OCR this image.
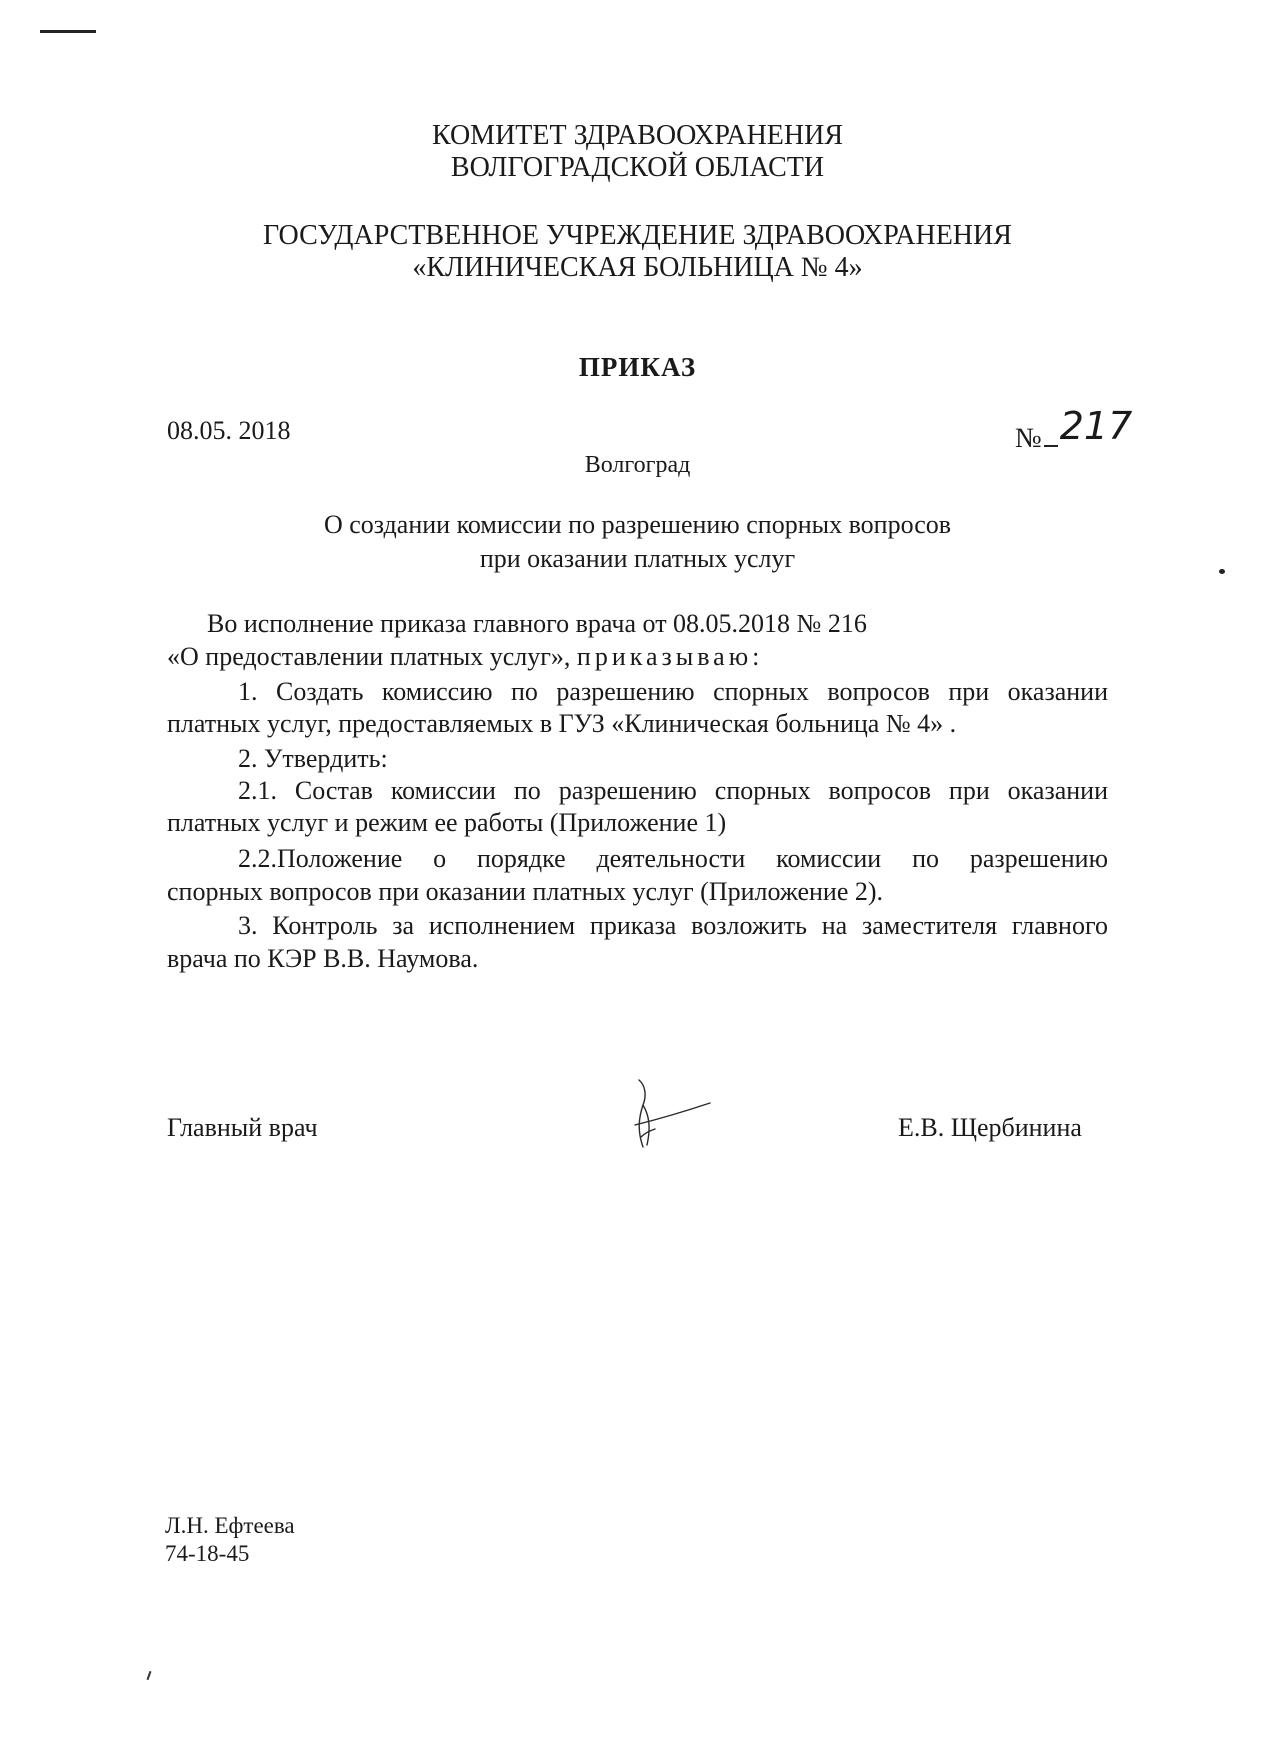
КОМИТЕТ ЗДРАВООХРАНЕНИЯ
ВОЛГОГРАДСКОЙ ОБЛАСТИ
ГОСУДАРСТВЕННОЕ УЧРЕЖДЕНИЕ ЗДРАВООХРАНЕНИЯ
«КЛИНИЧЕСКАЯ БОЛЬНИЦА № 4»
ПРИКАЗ
08.05. 2018	№ 217
Волгоград
О создании комиссии по разрешению спорных вопросов
при оказании платных услуг
Во исполнение приказа главного врача от 08.05.2018 № 216
«О предоставлении платных услуг», приказываю:
1. Создать комиссию по разрешению спорных вопросов при оказании
платных услуг, предоставляемых в ГУЗ «Клиническая больница № 4» .
2. Утвердить:
2.1. Состав комиссии по разрешению спорных вопросов при оказании
платных услуг и режим ее работы (Приложение 1)
2.2.Положение о порядке деятельности комиссии по разрешению
спорных вопросов при оказании платных услуг (Приложение 2).
3. Контроль за исполнением приказа возложить на заместителя главного
врача по КЭР В.В. Наумова.
Главный врач	Е.В. Щербинина
Л.Н. Ефтеева
74-18-45
